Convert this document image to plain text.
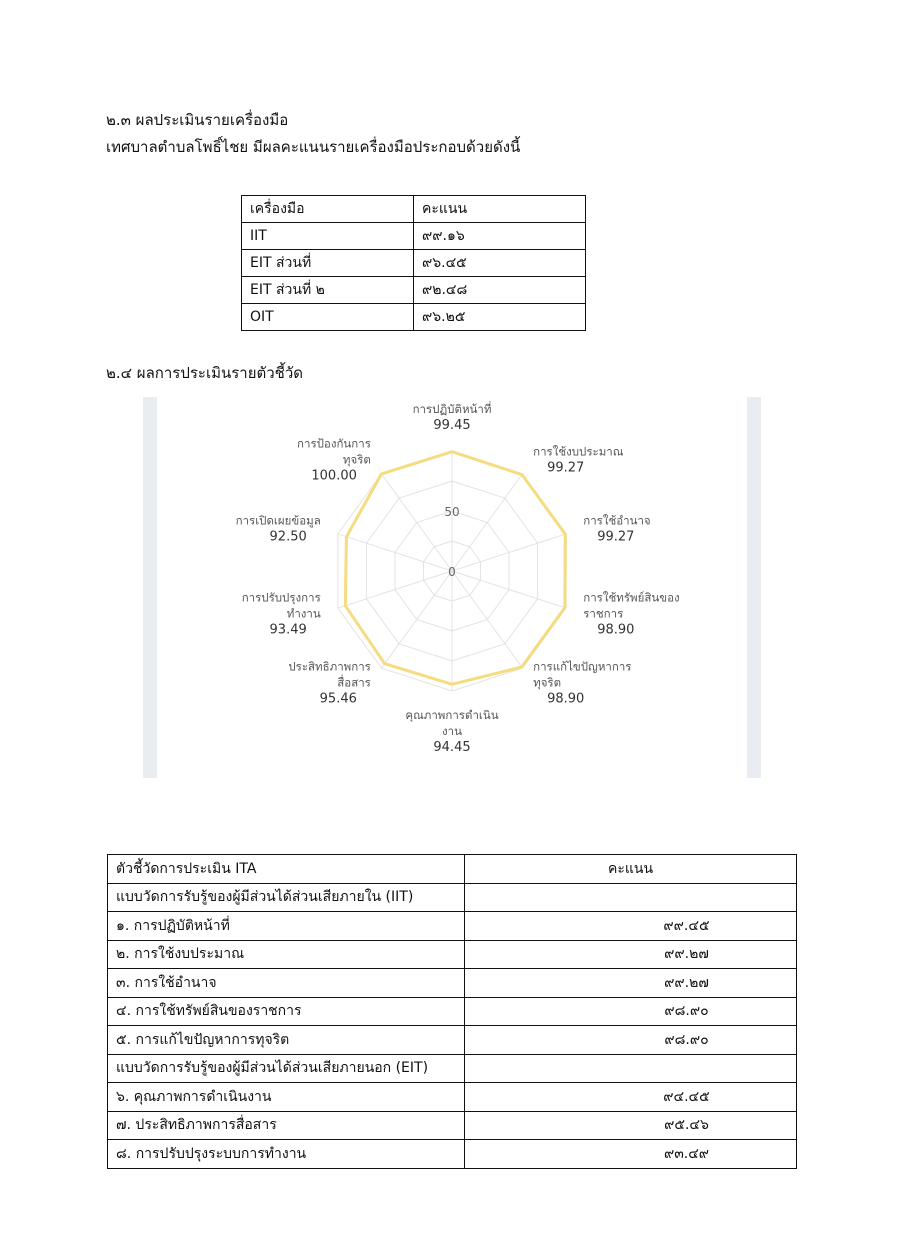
๒.๓ ผลประเมินรายเครื่องมือ
เทศบาลตำบลโพธิ์ไชย มีผลคะแนนรายเครื่องมือประกอบด้วยดังนี้
เครื่องมือ	คะแนน
IIT	๙๙.๑๖
EIT ส่วนที่	๙๖.๔๕
EIT ส่วนที่ ๒	๙๒.๔๘
OIT	๙๖.๒๕
๒.๔ ผลการประเมินรายตัวชี้วัด
0
50
การปฏิบัติหน้าที่
99.45
การใช้งบประมาณ
99.27
การใช้อำนาจ
99.27
การใช้ทรัพย์สินของ
ราชการ
98.90
การแก้ไขปัญหาการ
ทุจริต
98.90
คุณภาพการดำเนิน
งาน
94.45
ประสิทธิภาพการ
สื่อสาร
95.46
การปรับปรุงการ
ทำงาน
93.49
การเปิดเผยข้อมูล
92.50
การป้องกันการ
ทุจริต
100.00
ตัวชี้วัดการประเมิน ITA	คะแนน
แบบวัดการรับรู้ของผู้มีส่วนได้ส่วนเสียภายใน (IIT)	
๑. การปฏิบัติหน้าที่	๙๙.๔๕
๒. การใช้งบประมาณ	๙๙.๒๗
๓. การใช้อำนาจ	๙๙.๒๗
๔. การใช้ทรัพย์สินของราชการ	๙๘.๙๐
๕. การแก้ไขปัญหาการทุจริต	๙๘.๙๐
แบบวัดการรับรู้ของผู้มีส่วนได้ส่วนเสียภายนอก (EIT)	
๖. คุณภาพการดำเนินงาน	๙๔.๔๕
๗. ประสิทธิภาพการสื่อสาร	๙๕.๔๖
๘. การปรับปรุงระบบการทำงาน	๙๓.๔๙
